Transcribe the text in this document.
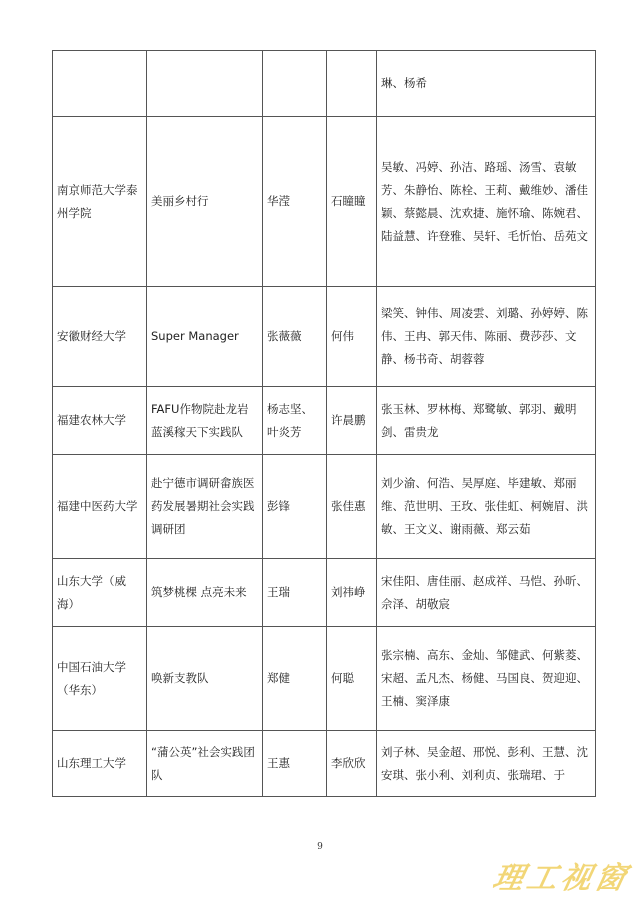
				琳、杨希
南京师范大学泰州学院	美丽乡村行	华滢	石瞳瞳	吴敏、冯婷、孙洁、路瑶、汤雪、袁敏芳、朱静怡、陈栓、王莉、戴维妙、潘佳颖、蔡懿晨、沈欢捷、施怀瑜、陈婉君、陆益慧、许登雅、吴轩、毛忻怡、岳苑文
安徽财经大学	Super Manager	张薇薇	何伟	梁笑、钟伟、周凌雲、刘璐、孙婷婷、陈伟、王冉、郭天伟、陈丽、费莎莎、文静、杨书奇、胡蓉蓉
福建农林大学	FAFU作物院赴龙岩蓝溪稼天下实践队	杨志坚、叶炎芳	许晨鹏	张玉林、罗林梅、郑鹭敏、郭羽、戴明剑、雷贵龙
福建中医药大学	赴宁德市调研畲族医药发展暑期社会实践调研团	彭锋	张佳惠	刘少渝、何浩、吴厚庭、毕建敏、郑丽维、范世明、王玫、张佳虹、柯婉眉、洪敏、王文义、谢雨薇、郑云茹
山东大学（威海）	筑梦桃棵 点亮未来	王瑞	刘祎峥	宋佳阳、唐佳丽、赵成祥、马恺、孙昕、佘泽、胡敬宸
中国石油大学（华东）	唤新支教队	郑健	何聪	张宗楠、高东、金灿、邹健武、何紫菱、宋超、孟凡杰、杨健、马国良、贺迎迎、王楠、窦泽康
山东理工大学	“蒲公英”社会实践团队	王惠	李欣欣	刘子林、吴金超、邢悦、彭利、王慧、沈安琪、张小利、刘利贞、张瑞珺、于
9
理工视窗
